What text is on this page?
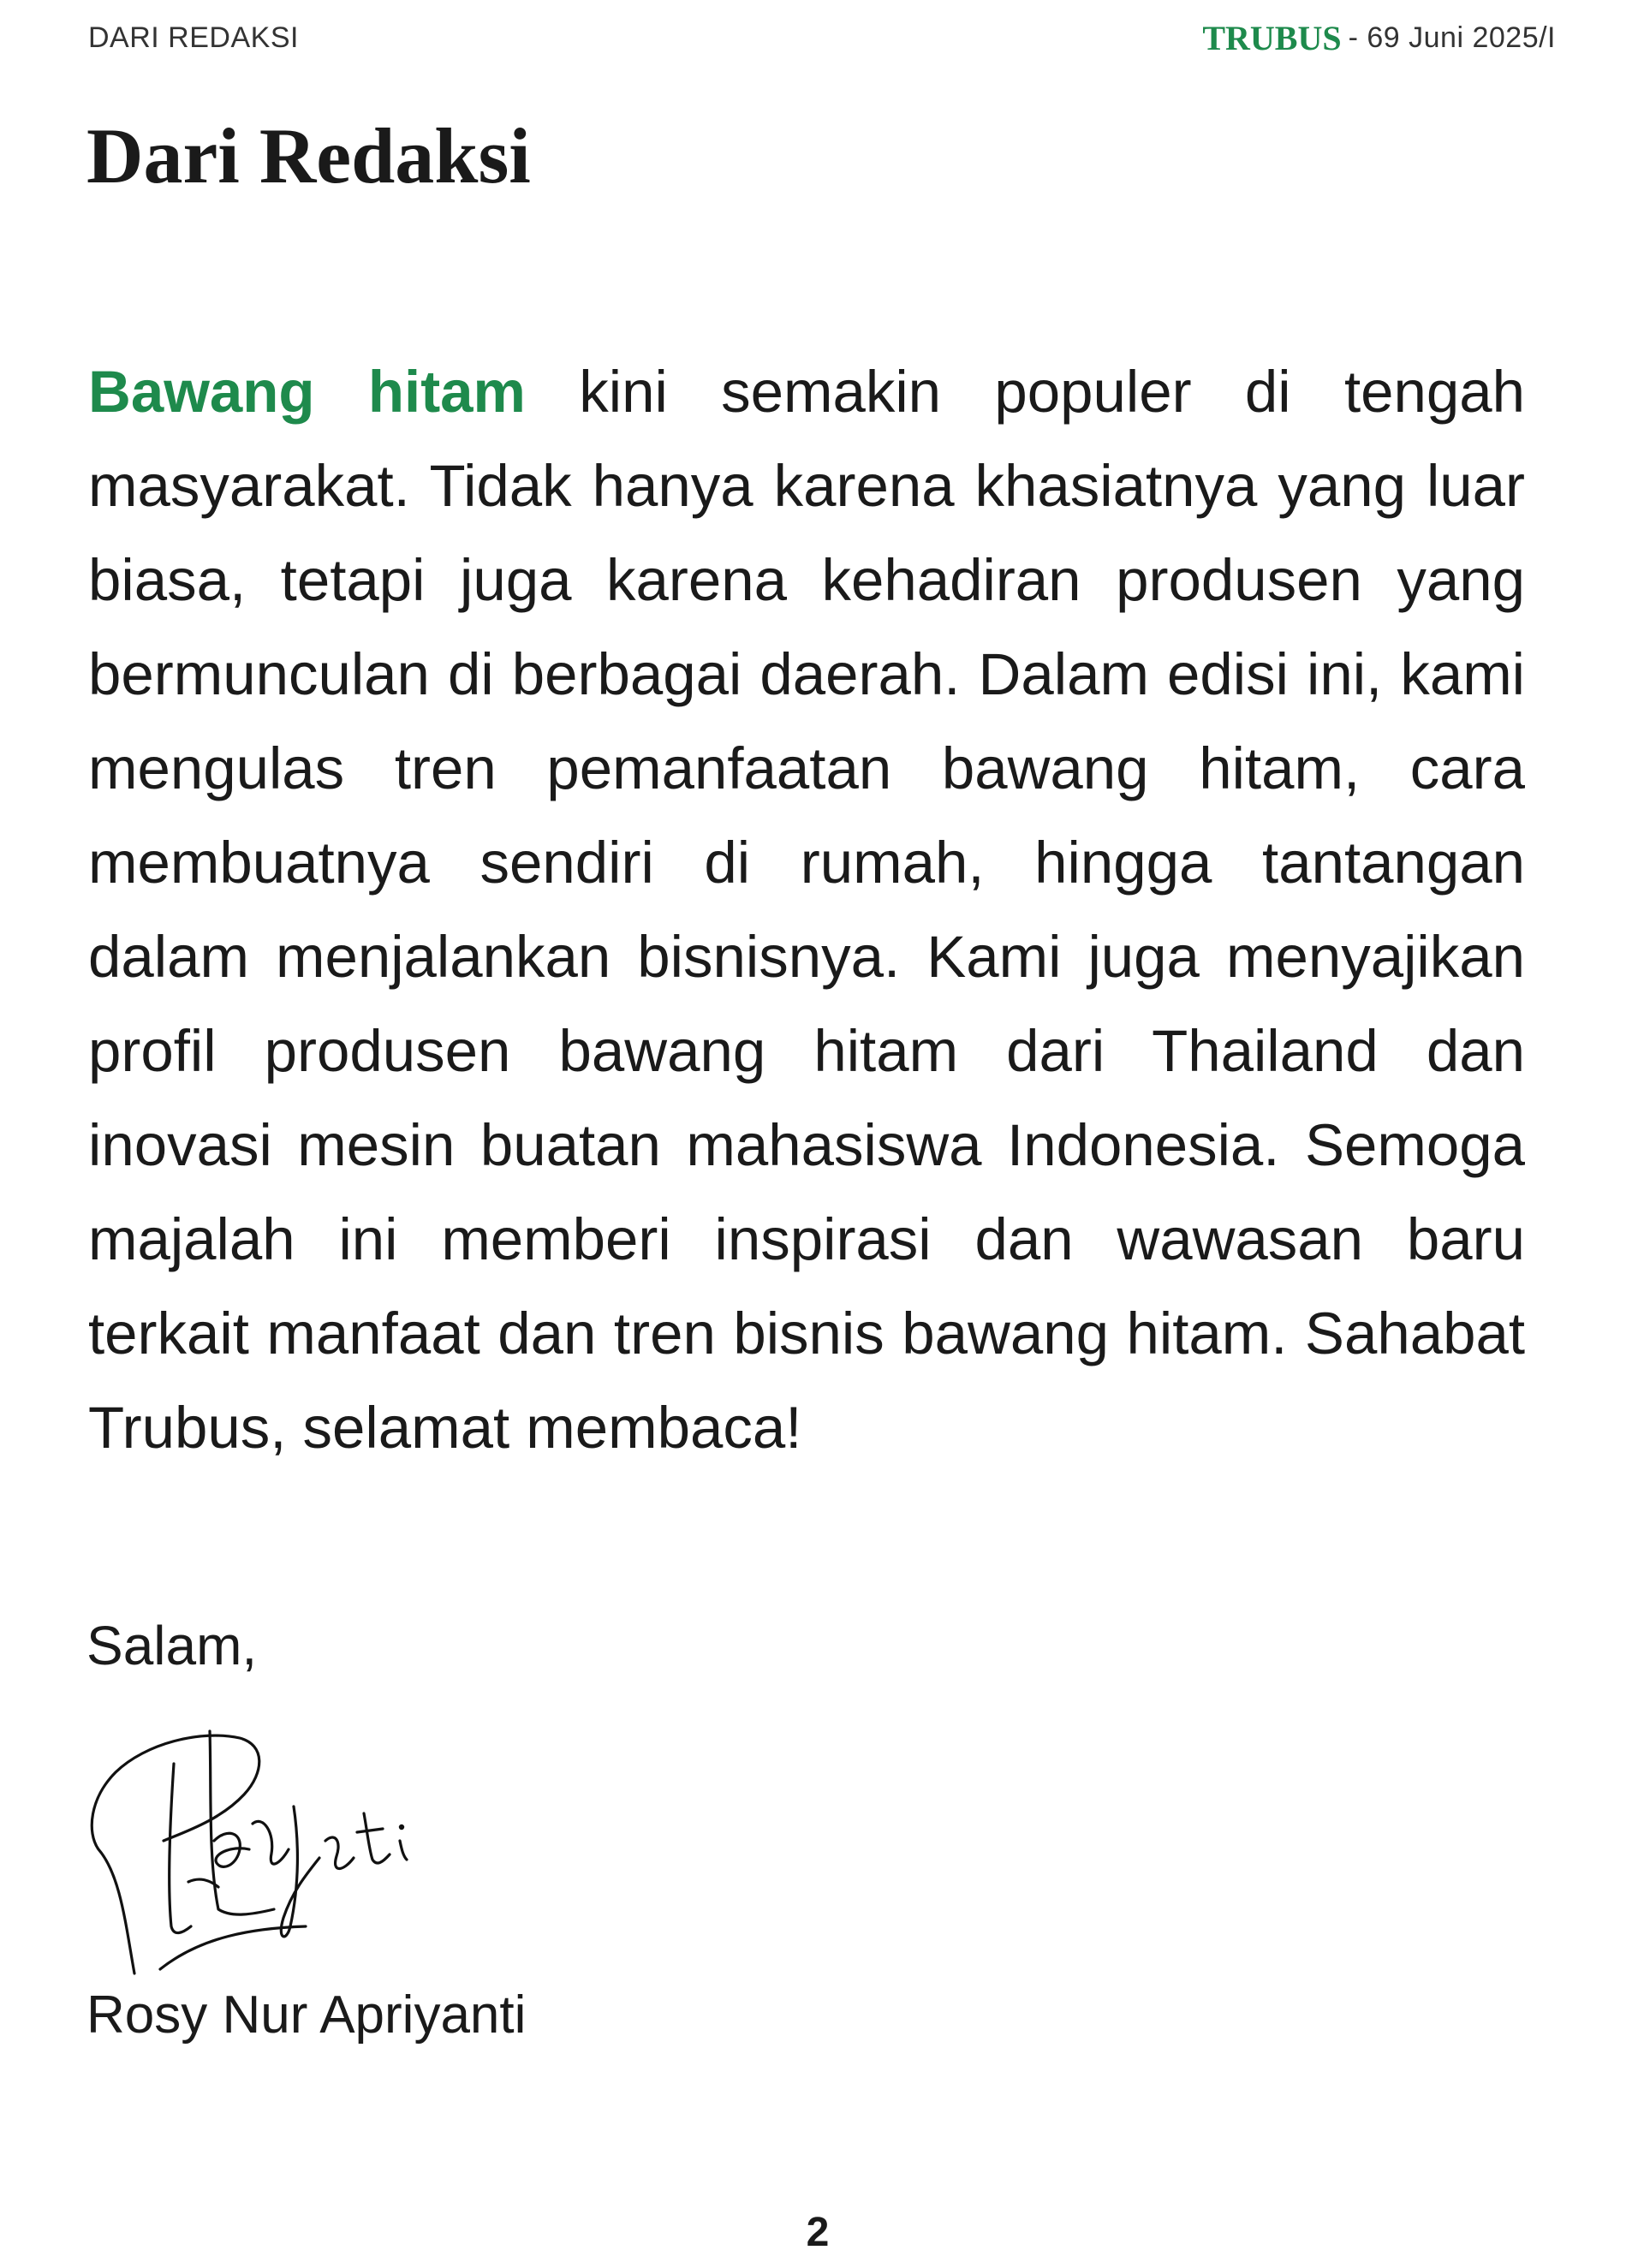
DARI REDAKSI	TRUBUS - 69 Juni 2025/I
Dari Redaksi

Bawang hitam kini semakin populer di tengah masyarakat. Tidak hanya karena khasiatnya yang luar biasa, tetapi juga karena kehadiran produsen yang bermunculan di berbagai daerah. Dalam edisi ini, kami mengulas tren pemanfaatan bawang hitam, cara membuatnya sendiri di rumah, hingga tantangan dalam menjalankan bisnisnya. Kami juga menyajikan profil produsen bawang hitam dari Thailand dan inovasi mesin buatan mahasiswa Indonesia. Semoga majalah ini memberi inspirasi dan wawasan baru terkait manfaat dan tren bisnis bawang hitam. Sahabat Trubus, selamat membaca!

Salam,

Rosy Nur Apriyanti

2
